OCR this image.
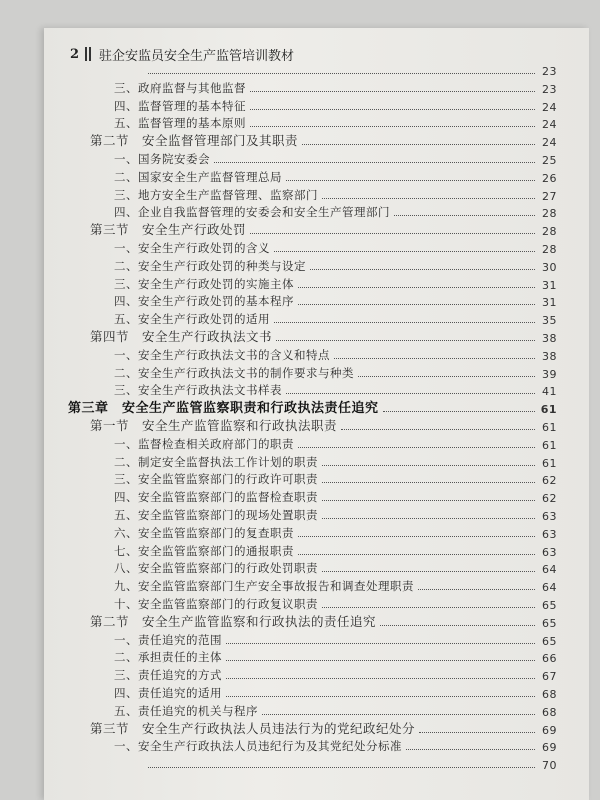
2 驻企安监员安全生产监管培训教材
23
三、政府监督与其他监督	23
四、监督管理的基本特征	24
五、监督管理的基本原则	24
第二节　安全监督管理部门及其职责	24
一、国务院安委会	25
二、国家安全生产监督管理总局	26
三、地方安全生产监督管理、监察部门	27
四、企业自我监督管理的安委会和安全生产管理部门	28
第三节　安全生产行政处罚	28
一、安全生产行政处罚的含义	28
二、安全生产行政处罚的种类与设定	30
三、安全生产行政处罚的实施主体	31
四、安全生产行政处罚的基本程序	31
五、安全生产行政处罚的适用	35
第四节　安全生产行政执法文书	38
一、安全生产行政执法文书的含义和特点	38
二、安全生产行政执法文书的制作要求与种类	39
三、安全生产行政执法文书样表	41
第三章　安全生产监管监察职责和行政执法责任追究	61
第一节　安全生产监管监察和行政执法职责	61
一、监督检查相关政府部门的职责	61
二、制定安全监督执法工作计划的职责	61
三、安全监管监察部门的行政许可职责	62
四、安全监管监察部门的监督检查职责	62
五、安全监管监察部门的现场处置职责	63
六、安全监管监察部门的复查职责	63
七、安全监管监察部门的通报职责	63
八、安全监管监察部门的行政处罚职责	64
九、安全监管监察部门生产安全事故报告和调查处理职责	64
十、安全监管监察部门的行政复议职责	65
第二节　安全生产监管监察和行政执法的责任追究	65
一、责任追究的范围	65
二、承担责任的主体	66
三、责任追究的方式	67
四、责任追究的适用	68
五、责任追究的机关与程序	68
第三节　安全生产行政执法人员违法行为的党纪政纪处分	69
一、安全生产行政执法人员违纪行为及其党纪处分标准	69
70
